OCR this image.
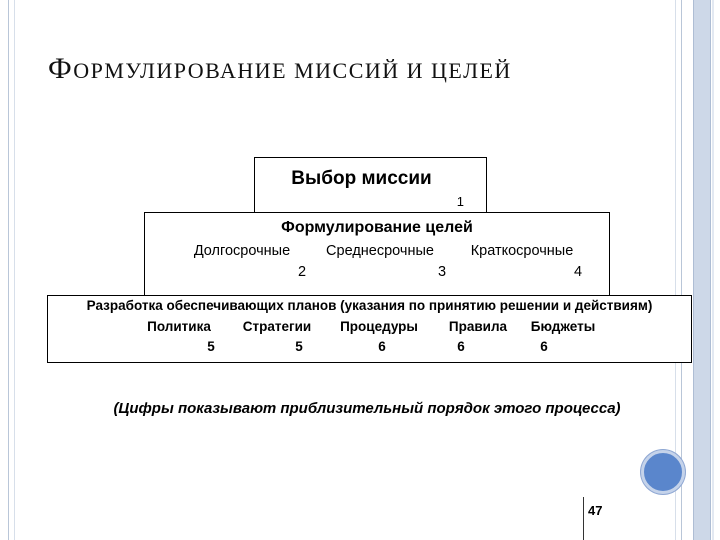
ФОРМУЛИРОВАНИЕ МИССИЙ И ЦЕЛЕЙ
Выбор миссии
1
Формулирование целей
Долгосрочные Среднесрочные	Краткосрочные
2	3	4
Разработка обеспечивающих планов (указания по принятию решении и действиям)
Политика Стратегии Процедуры Правила Бюджеты
5	5	6	6	6
(Цифры показывают приблизительный порядок этого процесса)
47
